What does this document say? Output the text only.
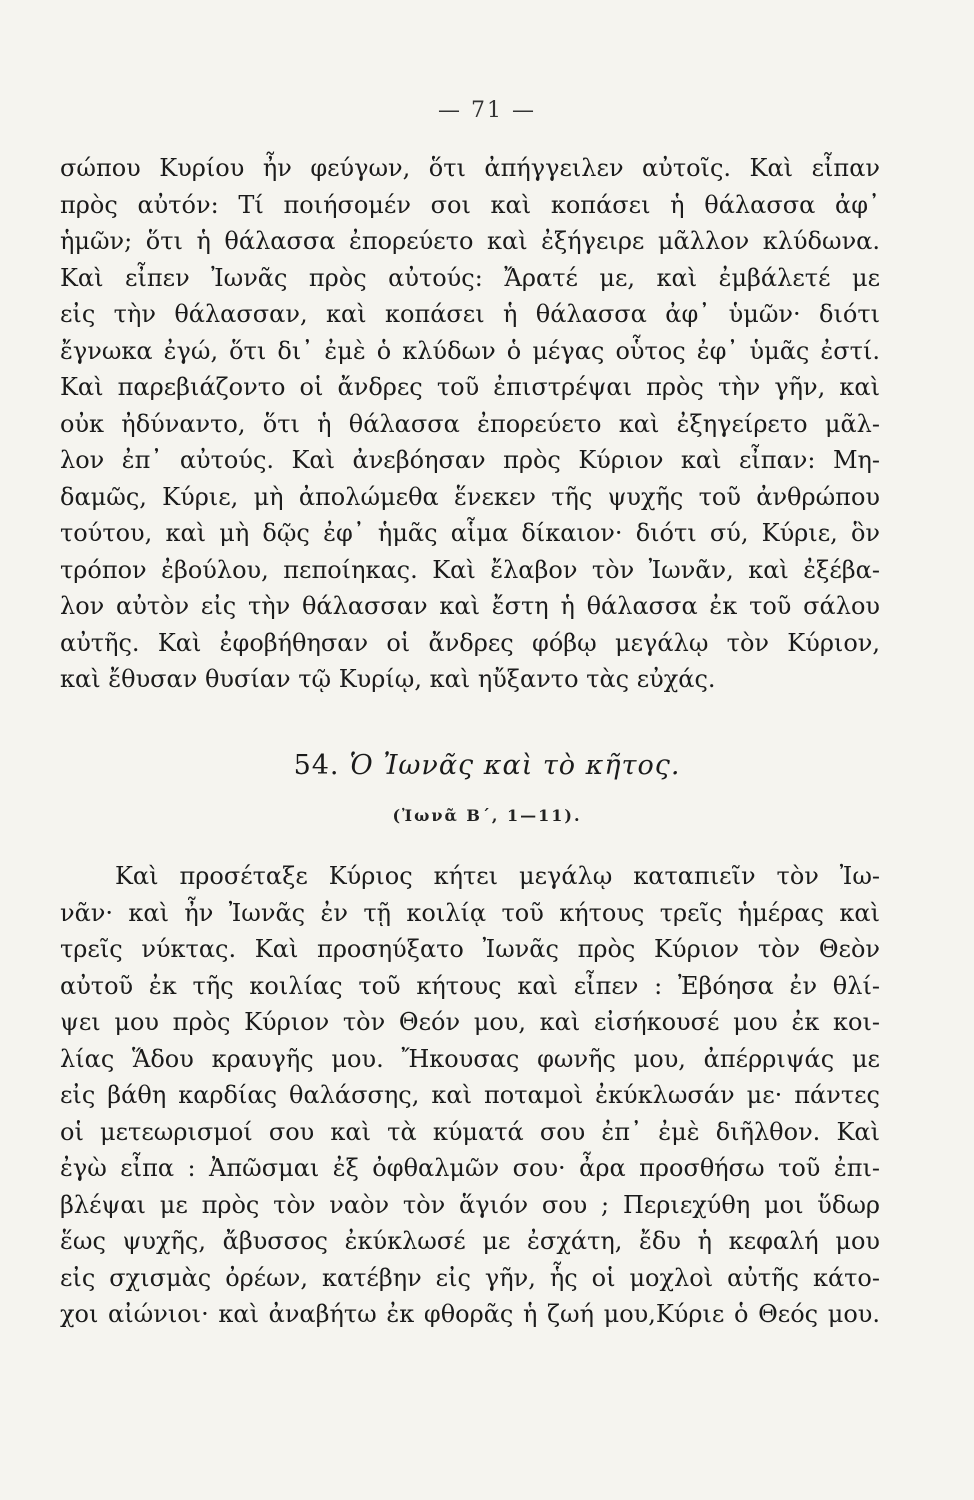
— 71 —
σώπου Κυρίου ἦν φεύγων, ὅτι ἀπήγγειλεν αὐτοῖς. Καὶ εἶπαν
πρὸς αὐτόν: Τί ποιήσομέν σοι καὶ κοπάσει ἡ θάλασσα ἀφ᾿
ἡμῶν; ὅτι ἡ θάλασσα ἐπορεύετο καὶ ἐξήγειρε μᾶλλον κλύδωνα.
Καὶ εἶπεν Ἰωνᾶς πρὸς αὐτούς: Ἄρατέ με, καὶ ἐμβάλετέ με
εἰς τὴν θάλασσαν, καὶ κοπάσει ἡ θάλασσα ἀφ᾿ ὑμῶν· διότι
ἔγνωκα ἐγώ, ὅτι δι᾿ ἐμὲ ὁ κλύδων ὁ μέγας οὗτος ἐφ᾿ ὑμᾶς ἐστί.
Καὶ παρεβιάζοντο οἱ ἄνδρες τοῦ ἐπιστρέψαι πρὸς τὴν γῆν, καὶ
οὐκ ἠδύναντο, ὅτι ἡ θάλασσα ἐπορεύετο καὶ ἐξηγείρετο μᾶλ-
λον ἐπ᾿ αὐτούς. Καὶ ἀνεβόησαν πρὸς Κύριον καὶ εἶπαν: Μη-
δαμῶς, Κύριε, μὴ ἀπολώμεθα ἕνεκεν τῆς ψυχῆς τοῦ ἀνθρώπου
τούτου, καὶ μὴ δῷς ἐφ᾿ ἡμᾶς αἷμα δίκαιον· διότι σύ, Κύριε, ὃν
τρόπον ἐβούλου, πεποίηκας. Καὶ ἔλαβον τὸν Ἰωνᾶν, καὶ ἐξέβα-
λον αὐτὸν εἰς τὴν θάλασσαν καὶ ἔστη ἡ θάλασσα ἐκ τοῦ σάλου
αὐτῆς. Καὶ ἐφοβήθησαν οἱ ἄνδρες φόβῳ μεγάλῳ τὸν Κύριον,
καὶ ἔθυσαν θυσίαν τῷ Κυρίῳ, καὶ ηὔξαντο τὰς εὐχάς.
54. Ὁ Ἰωνᾶς καὶ τὸ κῆτος.
(Ἰωνᾶ Β΄, 1—11).
Καὶ προσέταξε Κύριος κήτει μεγάλῳ καταπιεῖν τὸν Ἰω-
νᾶν· καὶ ἦν Ἰωνᾶς ἐν τῇ κοιλίᾳ τοῦ κήτους τρεῖς ἡμέρας καὶ
τρεῖς νύκτας. Καὶ προσηύξατο Ἰωνᾶς πρὸς Κύριον τὸν Θεὸν
αὐτοῦ ἐκ τῆς κοιλίας τοῦ κήτους καὶ εἶπεν : Ἐβόησα ἐν θλί-
ψει μου πρὸς Κύριον τὸν Θεόν μου, καὶ εἰσήκουσέ μου ἐκ κοι-
λίας Ἅδου κραυγῆς μου. Ἤκουσας φωνῆς μου, ἀπέρριψάς με
εἰς βάθη καρδίας θαλάσσης, καὶ ποταμοὶ ἐκύκλωσάν με· πάντες
οἱ μετεωρισμοί σου καὶ τὰ κύματά σου ἐπ᾿ ἐμὲ διῆλθον. Καὶ
ἐγὼ εἶπα : Ἀπῶσμαι ἐξ ὀφθαλμῶν σου· ἆρα προσθήσω τοῦ ἐπι-
βλέψαι με πρὸς τὸν ναὸν τὸν ἅγιόν σου ; Περιεχύθη μοι ὕδωρ
ἕως ψυχῆς, ἄβυσσος ἐκύκλωσέ με ἐσχάτη, ἔδυ ἡ κεφαλή μου
εἰς σχισμὰς ὀρέων, κατέβην εἰς γῆν, ἧς οἱ μοχλοὶ αὐτῆς κάτο-
χοι αἰώνιοι· καὶ ἀναβήτω ἐκ φθορᾶς ἡ ζωή μου,Κύριε ὁ Θεός μου.
